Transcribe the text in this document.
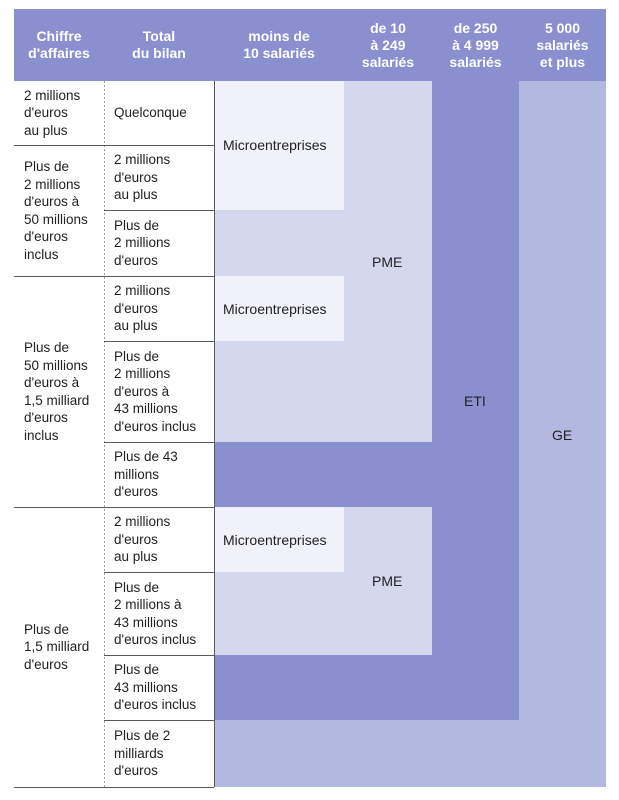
Chiffre
d'affaires
Total
du bilan
moins de
10 salariés
de 10
à 249
salariés
de 250
à 4 999
salariés
5 000
salariés
et plus
Microentreprises
Microentreprises
Microentreprises
PME
PME
ETI
GE
2 millions
d'euros
au plus
Plus de
2 millions
d'euros à
50 millions
d'euros
inclus
Plus de
50 millions
d'euros à
1,5 milliard
d'euros
inclus
Plus de
1,5 milliard
d'euros
Quelconque
2 millions
d'euros
au plus
Plus de
2 millions
d'euros
2 millions
d'euros
au plus
Plus de
2 millions
d'euros à
43 millions
d'euros inclus
Plus de 43
millions
d'euros
2 millions
d'euros
au plus
Plus de
2 millions à
43 millions
d'euros inclus
Plus de
43 millions
d'euros inclus
Plus de 2
milliards
d'euros
